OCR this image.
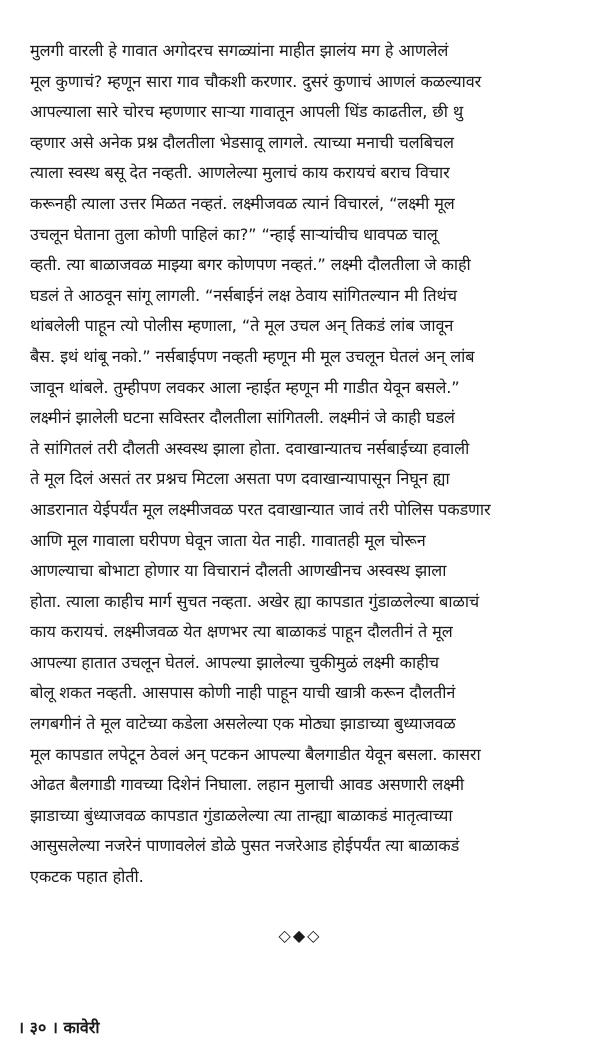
मुलगी वारली हे गावात अगोदरच सगळ्यांना माहीत झालंय मग हे आणलेलं
मूल कुणाचं? म्हणून सारा गाव चौकशी करणार. दुसरं कुणाचं आणलं कळल्यावर
आपल्याला सारे चोरच म्हणणार साऱ्या गावातून आपली धिंड काढतील, छी थु
व्हणार असे अनेक प्रश्न दौलतीला भेडसावू लागले. त्याच्या मनाची चलबिचल
त्याला स्वस्थ बसू देत नव्हती. आणलेल्या मुलाचं काय करायचं बराच विचार
करूनही त्याला उत्तर मिळत नव्हतं. लक्ष्मीजवळ त्यानं विचारलं, “लक्ष्मी मूल
उचलून घेताना तुला कोणी पाहिलं का?” “न्हाई साऱ्यांचीच धावपळ चालू
व्हती. त्या बाळाजवळ माझ्या बगर कोणपण नव्हतं.” लक्ष्मी दौलतीला जे काही
घडलं ते आठवून सांगू लागली. “नर्सबाईनं लक्ष ठेवाय सांगितल्यान मी तिथंच
थांबलेली पाहून त्यो पोलीस म्हणाला, “ते मूल उचल अन् तिकडं लांब जावून
बैस. इथं थांबू नको.” नर्सबाईपण नव्हती म्हणून मी मूल उचलून घेतलं अन् लांब
जावून थांबले. तुम्हीपण लवकर आला न्हाईत म्हणून मी गाडीत येवून बसले.”
लक्ष्मीनं झालेली घटना सविस्तर दौलतीला सांगितली. लक्ष्मीनं जे काही घडलं
ते सांगितलं तरी दौलती अस्वस्थ झाला होता. दवाखान्यातच नर्सबाईच्या हवाली
ते मूल दिलं असतं तर प्रश्नच मिटला असता पण दवाखान्यापासून निघून ह्या
आडरानात येईपर्यंत मूल लक्ष्मीजवळ परत दवाखान्यात जावं तरी पोलिस पकडणार
आणि मूल गावाला घरीपण घेवून जाता येत नाही. गावातही मूल चोरून
आणल्याचा बोभाटा होणार या विचारानं दौलती आणखीनच अस्वस्थ झाला
होता. त्याला काहीच मार्ग सुचत नव्हता. अखेर ह्या कापडात गुंडाळलेल्या बाळाचं
काय करायचं. लक्ष्मीजवळ येत क्षणभर त्या बाळाकडं पाहून दौलतीनं ते मूल
आपल्या हातात उचलून घेतलं. आपल्या झालेल्या चुकीमुळं लक्ष्मी काहीच
बोलू शकत नव्हती. आसपास कोणी नाही पाहून याची खात्री करून दौलतीनं
लगबगीनं ते मूल वाटेच्या कडेला असलेल्या एक मोठ्या झाडाच्या बुध्याजवळ
मूल कापडात लपेटून ठेवलं अन् पटकन आपल्या बैलगाडीत येवून बसला. कासरा
ओढत बैलगाडी गावच्या दिशेनं निघाला. लहान मुलाची आवड असणारी लक्ष्मी
झाडाच्या बुंध्याजवळ कापडात गुंडाळलेल्या त्या तान्ह्या बाळाकडं मातृत्वाच्या
आसुसलेल्या नजरेनं पाणावलेलं डोळे पुसत नजरेआड होईपर्यंत त्या बाळाकडं
एकटक पहात होती.
◇◆◇
। ३० । कावेरी
